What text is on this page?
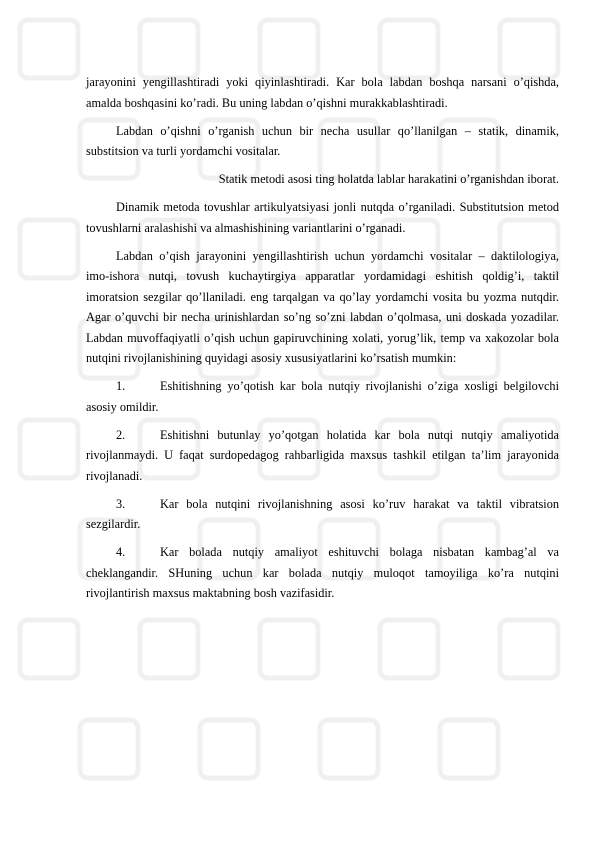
jarayonini yengillashtiradi yoki qiyinlashtiradi. Kar bola labdan boshqa narsani o’qishda, amalda boshqasini ko’radi. Bu uning labdan o’qishni murakkablashtiradi.

Labdan o’qishni o’rganish uchun bir necha usullar qo’llanilgan – statik, dinamik, substitsion va turli yordamchi vositalar.

Statik metodi asosi ting holatda lablar harakatini o’rganishdan iborat.

Dinamik metoda tovushlar artikulyatsiyasi jonli nutqda o’rganiladi. Substitutsion metod tovushlarni aralashishi va almashishining variantlarini o’rganadi.

Labdan o’qish jarayonini yengillashtirish uchun yordamchi vositalar – daktilologiya, imo-ishora nutqi, tovush kuchaytirgiya apparatlar yordamidagi eshitish qoldig’i, taktil imoratsion sezgilar qo’llaniladi. eng tarqalgan va qo’lay yordamchi vosita bu yozma nutqdir. Agar o’quvchi bir necha urinishlardan so’ng so’zni labdan o’qolmasa, uni doskada yozadilar. Labdan muvoffaqiyatli o’qish uchun gapiruvchining xolati, yorug’lik, temp va xakozolar bola nutqini rivojlanishining quyidagi asosiy xususiyatlarini ko’rsatish mumkin:

1.	Eshitishning yo’qotish kar bola nutqiy rivojlanishi o’ziga xosligi belgilovchi asosiy omildir.

2.	Eshitishni butunlay yo’qotgan holatida kar bola nutqi nutqiy amaliyotida rivojlanmaydi. U faqat surdopedagog rahbarligida maxsus tashkil etilgan ta’lim jarayonida rivojlanadi.

3.	Kar bola nutqini rivojlanishning asosi ko’ruv harakat va taktil vibratsion sezgilardir.

4.	Kar bolada nutqiy amaliyot eshituvchi bolaga nisbatan kambag’al va cheklangandir. SHuning uchun kar bolada nutqiy muloqot tamoyiliga ko’ra nutqini rivojlantirish maxsus maktabning bosh vazifasidir.
